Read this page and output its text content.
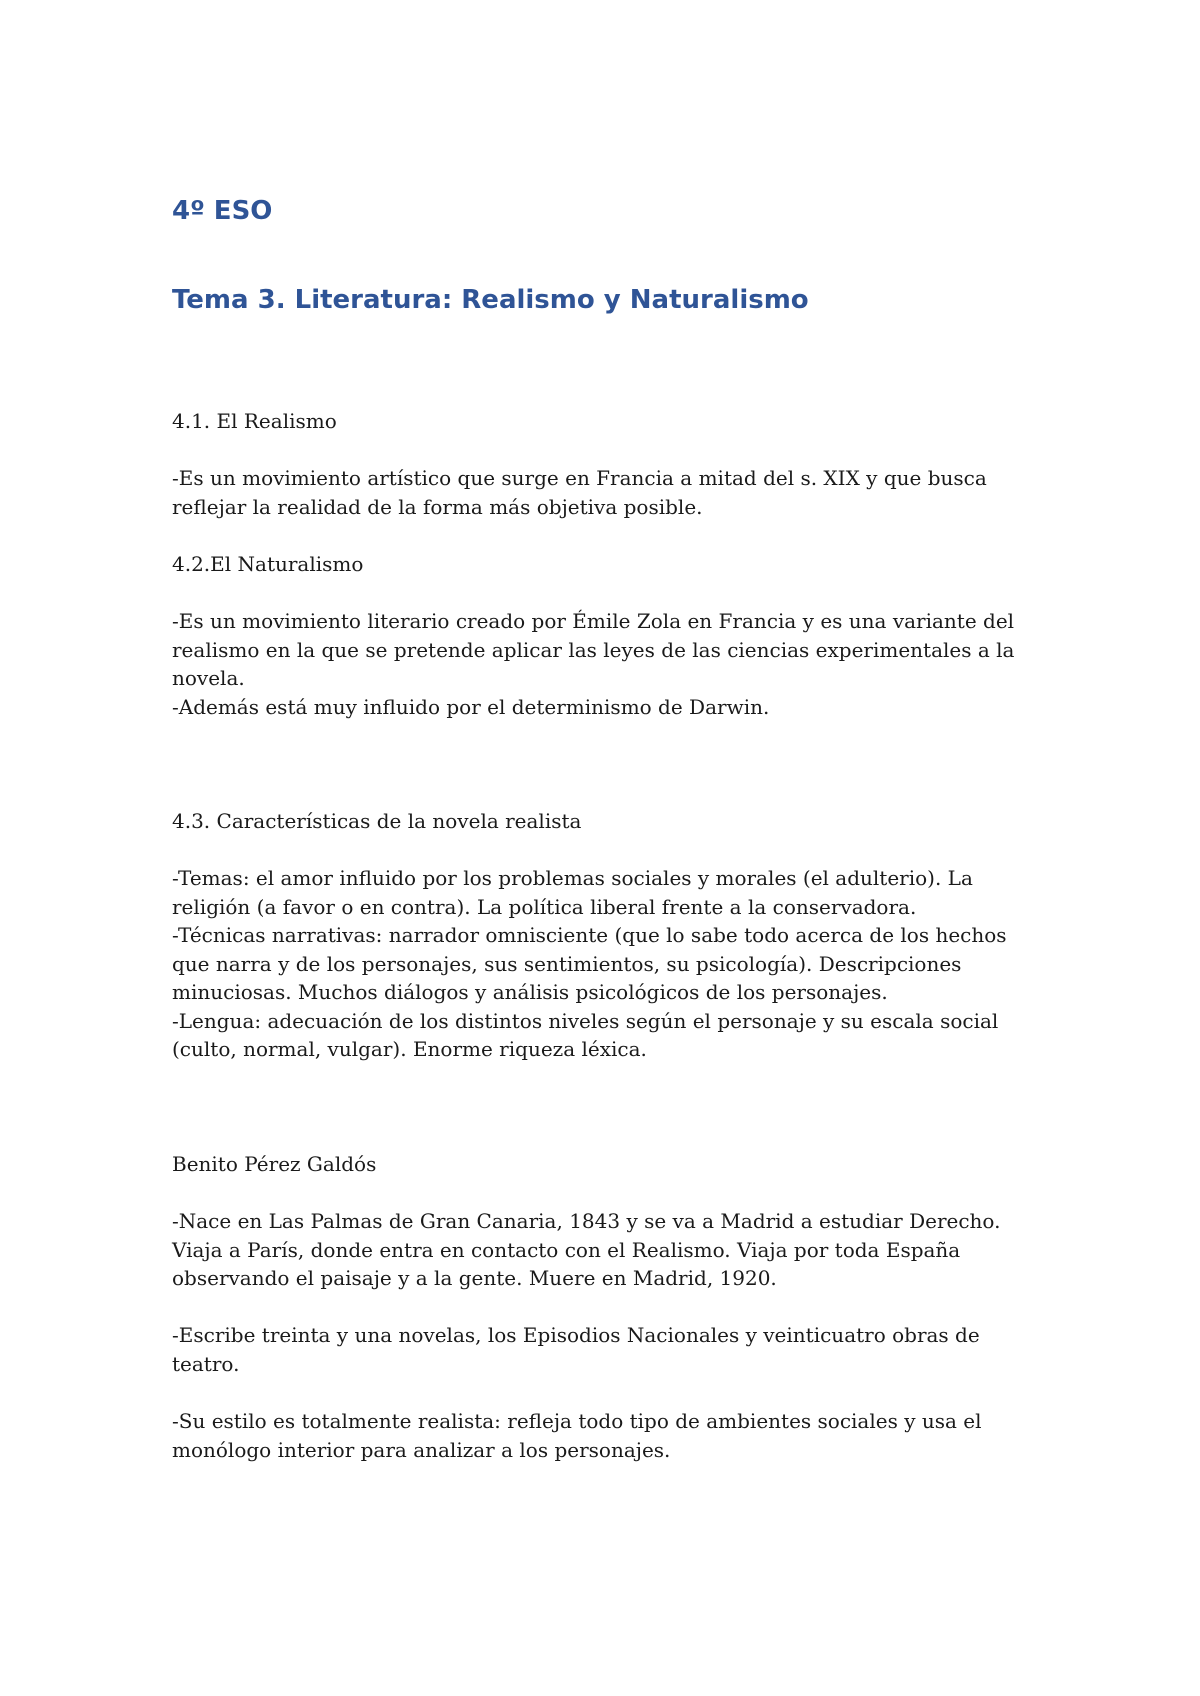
4º ESO
Tema 3. Literatura: Realismo y Naturalismo

4.1. El Realismo

-Es un movimiento artístico que surge en Francia a mitad del s. XIX y que busca

reflejar la realidad de la forma más objetiva posible.

4.2.El Naturalismo

-Es un movimiento literario creado por Émile Zola en Francia y es una variante del

realismo en la que se pretende aplicar las leyes de las ciencias experimentales a la

novela.

-Además está muy influido por el determinismo de Darwin.

4.3. Características de la novela realista

-Temas: el amor influido por los problemas sociales y morales (el adulterio). La

religión (a favor o en contra). La política liberal frente a la conservadora.

-Técnicas narrativas: narrador omnisciente (que lo sabe todo acerca de los hechos

que narra y de los personajes, sus sentimientos, su psicología). Descripciones

minuciosas. Muchos diálogos y análisis psicológicos de los personajes.

-Lengua: adecuación de los distintos niveles según el personaje y su escala social

(culto, normal, vulgar). Enorme riqueza léxica.

Benito Pérez Galdós

-Nace en Las Palmas de Gran Canaria, 1843 y se va a Madrid a estudiar Derecho.

Viaja a París, donde entra en contacto con el Realismo. Viaja por toda España

observando el paisaje y a la gente. Muere en Madrid, 1920.

-Escribe treinta y una novelas, los Episodios Nacionales y veinticuatro obras de

teatro.

-Su estilo es totalmente realista: refleja todo tipo de ambientes sociales y usa el

monólogo interior para analizar a los personajes.
